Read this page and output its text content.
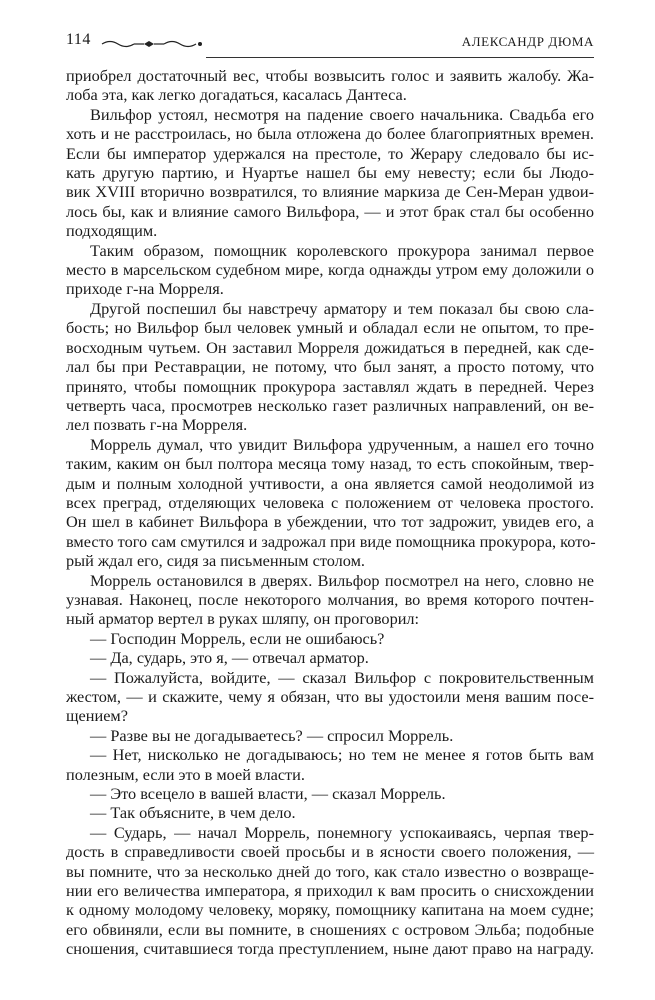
114	АЛЕКСАНДР ДЮМА
приобрел достаточный вес, чтобы возвысить голос и заявить жалобу. Жа-
лоба эта, как легко догадаться, касалась Дантеса.
Вильфор устоял, несмотря на падение своего начальника. Свадьба его
хоть и не расстроилась, но была отложена до более благоприятных времен.
Если бы император удержался на престоле, то Жерару следовало бы ис-
кать другую партию, и Нуартье нашел бы ему невесту; если бы Людо-
вик XVIII вторично возвратился, то влияние маркиза де Сен-Меран удвои-
лось бы, как и влияние самого Вильфора, — и этот брак стал бы особенно
подходящим.
Таким образом, помощник королевского прокурора занимал первое
место в марсельском судебном мире, когда однажды утром ему доложили о
приходе г-на Морреля.
Другой поспешил бы навстречу арматору и тем показал бы свою сла-
бость; но Вильфор был человек умный и обладал если не опытом, то пре-
восходным чутьем. Он заставил Морреля дожидаться в передней, как сде-
лал бы при Реставрации, не потому, что был занят, а просто потому, что
принято, чтобы помощник прокурора заставлял ждать в передней. Через
четверть часа, просмотрев несколько газет различных направлений, он ве-
лел позвать г-на Морреля.
Моррель думал, что увидит Вильфора удрученным, а нашел его точно
таким, каким он был полтора месяца тому назад, то есть спокойным, твер-
дым и полным холодной учтивости, а она является самой неодолимой из
всех преград, отделяющих человека с положением от человека простого.
Он шел в кабинет Вильфора в убеждении, что тот задрожит, увидев его, а
вместо того сам смутился и задрожал при виде помощника прокурора, кото-
рый ждал его, сидя за письменным столом.
Моррель остановился в дверях. Вильфор посмотрел на него, словно не
узнавая. Наконец, после некоторого молчания, во время которого почтен-
ный арматор вертел в руках шляпу, он проговорил:
— Господин Моррель, если не ошибаюсь?
— Да, сударь, это я, — отвечал арматор.
— Пожалуйста, войдите, — сказал Вильфор с покровительственным
жестом, — и скажите, чему я обязан, что вы удостоили меня вашим посе-
щением?
— Разве вы не догадываетесь? — спросил Моррель.
— Нет, нисколько не догадываюсь; но тем не менее я готов быть вам
полезным, если это в моей власти.
— Это всецело в вашей власти, — сказал Моррель.
— Так объясните, в чем дело.
— Сударь, — начал Моррель, понемногу успокаиваясь, черпая твер-
дость в справедливости своей просьбы и в ясности своего положения, —
вы помните, что за несколько дней до того, как стало известно о возвраще-
нии его величества императора, я приходил к вам просить о снисхождении
к одному молодому человеку, моряку, помощнику капитана на моем судне;
его обвиняли, если вы помните, в сношениях с островом Эльба; подобные
сношения, считавшиеся тогда преступлением, ныне дают право на награду.
